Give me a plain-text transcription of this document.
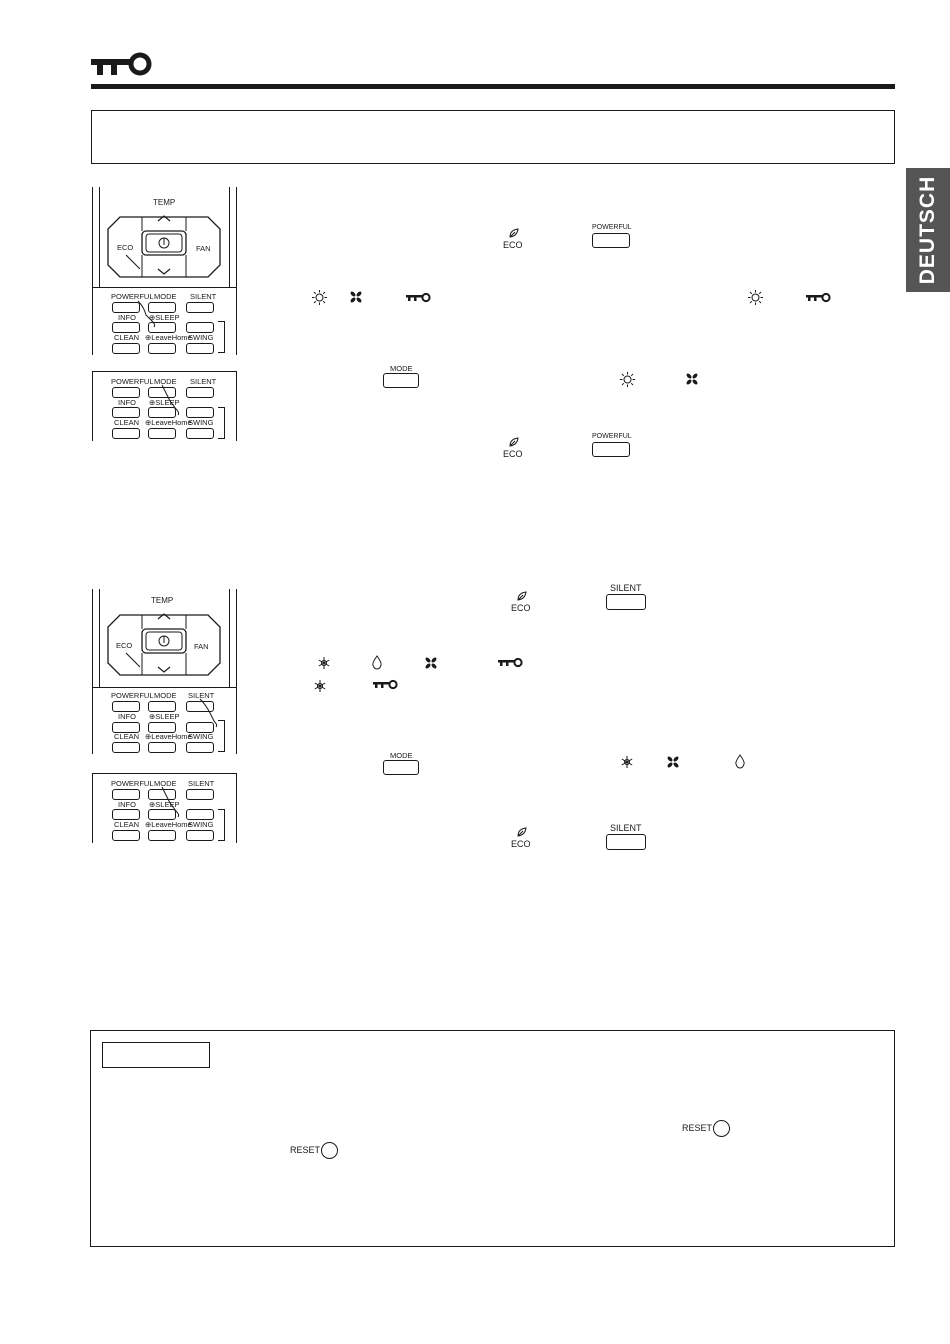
DEUTSCH
TEMP
ECO	FAN
POWERFUL MODE SILENT
INFO ⊕SLEEP
CLEAN ⊕LeaveHome
SWING
POWERFUL MODE SILENT
INFO ⊕SLEEP
CLEAN ⊕LeaveHome
SWING
TEMP
ECO	FAN
POWERFUL MODE SILENT
INFO ⊕SLEEP
CLEAN ⊕LeaveHome
SWING
POWERFUL MODE SILENT
INFO ⊕SLEEP
CLEAN ⊕LeaveHome
SWING
ECO
POWERFUL
MODE
ECO
POWERFUL
ECO
SILENT
MODE
ECO
SILENT
RESET
RESET
